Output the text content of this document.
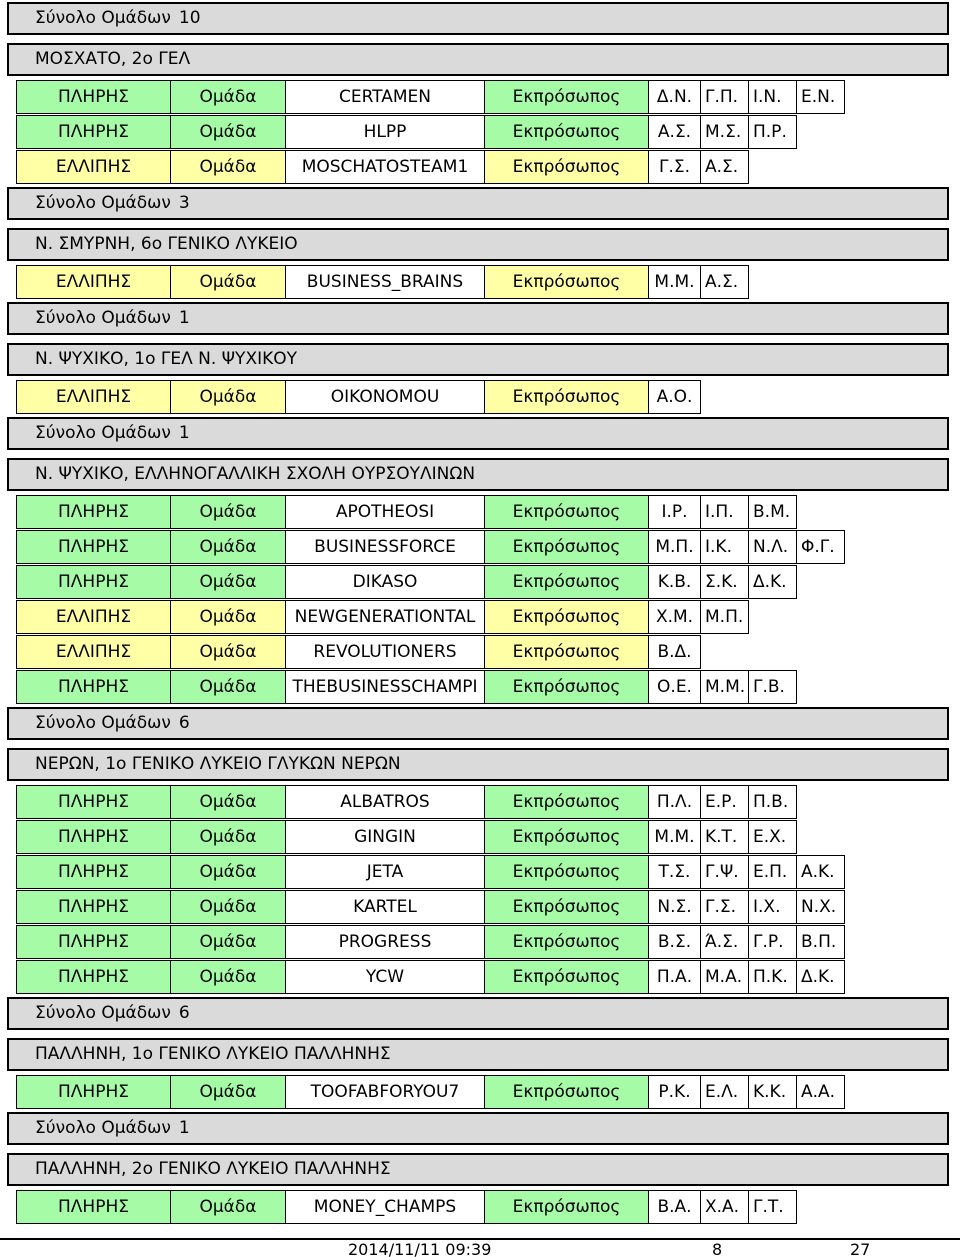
Σύνολο Ομάδων 10
ΜΟΣΧΑΤΟ, 2ο ΓΕΛ
ΠΛΗΡΗΣ	Ομάδα	CERTAMEN	Εκπρόσωπος	Δ.Ν. Γ.Π. Ι.Ν.	Ε.Ν.
ΠΛΗΡΗΣ	Ομάδα	HLPP	Εκπρόσωπος	Α.Σ. Μ.Σ. Π.Ρ.
ΕΛΛΙΠΗΣ	Ομάδα	MOSCHATOSTEAM1	Εκπρόσωπος	Γ.Σ. Α.Σ.
Σύνολο Ομάδων 3
Ν. ΣΜΥΡΝΗ, 6ο ΓΕΝΙΚΟ ΛΥΚΕΙΟ
ΕΛΛΙΠΗΣ	Ομάδα	BUSINESS_BRAINS	Εκπρόσωπος	Μ.Μ. Α.Σ.
Σύνολο Ομάδων 1
Ν. ΨΥΧΙΚΟ, 1ο ΓΕΛ Ν. ΨΥΧΙΚΟΥ
ΕΛΛΙΠΗΣ	Ομάδα	OIKONOMOU	Εκπρόσωπος	Α.Ο.
Σύνολο Ομάδων 1
Ν. ΨΥΧΙΚΟ, ΕΛΛΗΝΟΓΑΛΛΙΚΗ ΣΧΟΛΗ ΟΥΡΣΟΥΛΙΝΩΝ
ΠΛΗΡΗΣ	Ομάδα	APOTHEOSI	Εκπρόσωπος	Ι.Ρ.	Ι.Π.	Β.Μ.
ΠΛΗΡΗΣ	Ομάδα	BUSINESSFORCE	Εκπρόσωπος	Μ.Π. Ι.Κ.	Ν.Λ. Φ.Γ.
ΠΛΗΡΗΣ	Ομάδα	DIKASO	Εκπρόσωπος	Κ.Β. Σ.Κ. Δ.Κ.
ΕΛΛΙΠΗΣ	Ομάδα	NEWGENERATIONTAL	Εκπρόσωπος	Χ.Μ. Μ.Π.
ΕΛΛΙΠΗΣ	Ομάδα	REVOLUTIONERS	Εκπρόσωπος	Β.Δ.
ΠΛΗΡΗΣ	Ομάδα	THEBUSINESSCHAMPI	Εκπρόσωπος	Ο.Ε. Μ.Μ. Γ.Β.
Σύνολο Ομάδων 6
ΝΕΡΩΝ, 1ο ΓΕΝΙΚΟ ΛΥΚΕΙΟ ΓΛΥΚΩΝ ΝΕΡΩΝ
ΠΛΗΡΗΣ	Ομάδα	ALBATROS	Εκπρόσωπος	Π.Λ. Ε.Ρ. Π.Β.
ΠΛΗΡΗΣ	Ομάδα	GINGIN	Εκπρόσωπος	Μ.Μ. Κ.Τ. Ε.Χ.
ΠΛΗΡΗΣ	Ομάδα	JETA	Εκπρόσωπος	Τ.Σ. Γ.Ψ. Ε.Π. Α.Κ.
ΠΛΗΡΗΣ	Ομάδα	KARTEL	Εκπρόσωπος	Ν.Σ. Γ.Σ. Ι.Χ.	Ν.Χ.
ΠΛΗΡΗΣ	Ομάδα	PROGRESS	Εκπρόσωπος	Β.Σ. Ά.Σ. Γ.Ρ.	Β.Π.
ΠΛΗΡΗΣ	Ομάδα	YCW	Εκπρόσωπος	Π.Α. Μ.Α. Π.Κ. Δ.Κ.
Σύνολο Ομάδων 6
ΠΑΛΛΗΝΗ, 1ο ΓΕΝΙΚΟ ΛΥΚΕΙΟ ΠΑΛΛΗΝΗΣ
ΠΛΗΡΗΣ	Ομάδα	TOOFABFORYOU7	Εκπρόσωπος	Ρ.Κ. Ε.Λ. Κ.Κ. Α.Α.
Σύνολο Ομάδων 1
ΠΑΛΛΗΝΗ, 2ο ΓΕΝΙΚΟ ΛΥΚΕΙΟ ΠΑΛΛΗΝΗΣ
ΠΛΗΡΗΣ	Ομάδα	MONEY_CHAMPS	Εκπρόσωπος	Β.Α. Χ.Α. Γ.Τ.
2014/11/11 09:39	8	27
